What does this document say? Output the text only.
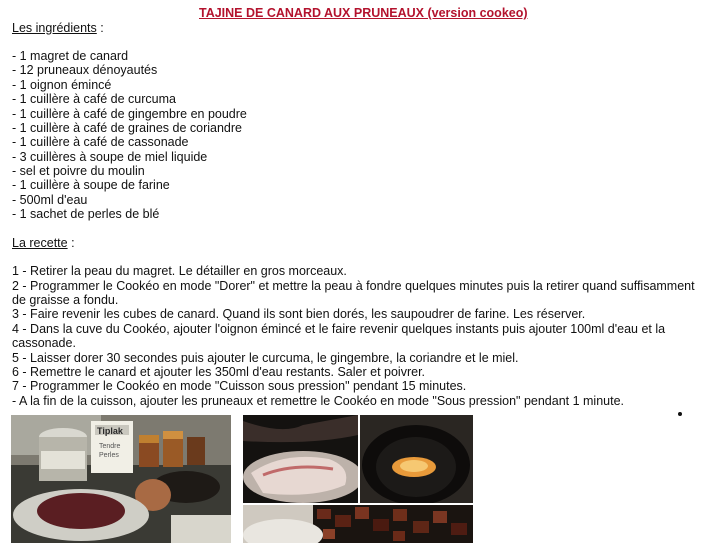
TAJINE DE CANARD AUX PRUNEAUX (version cookeo)
Les ingrédients :
- 1 magret de canard
- 12 pruneaux dénoyautés
- 1 oignon émincé
- 1 cuillère à café de curcuma
- 1 cuillère à café de gingembre en poudre
- 1 cuillère à café de graines de coriandre
- 1 cuillère à café de cassonade
- 3 cuillères à soupe de miel liquide
- sel et poivre du moulin
- 1 cuillère à soupe de farine
- 500ml d'eau
- 1 sachet de perles de blé
La recette :
1 - Retirer la peau du magret. Le détailler en gros morceaux.
2 - Programmer le Cookéo en mode "Dorer" et mettre la peau à fondre quelques minutes puis la retirer quand suffisamment
de graisse a fondu.
3 - Faire revenir les cubes de canard. Quand ils sont bien dorés, les saupoudrer de farine. Les réserver.
4 - Dans la cuve du Cookéo, ajouter l'oignon émincé et le faire revenir quelques instants puis ajouter 100ml d'eau et la
cassonade.
5 - Laisser dorer 30 secondes puis ajouter le curcuma, le gingembre, la coriandre et le miel.
6 - Remettre le canard et ajouter les 350ml d'eau restants. Saler et poivrer.
7 - Programmer le Cookéo en mode "Cuisson sous pression" pendant 15 minutes.
- A la fin de la cuisson, ajouter les pruneaux et remettre le Cookéo en mode "Sous pression" pendant 1 minute.
Tiplak
Tendre
Perles
